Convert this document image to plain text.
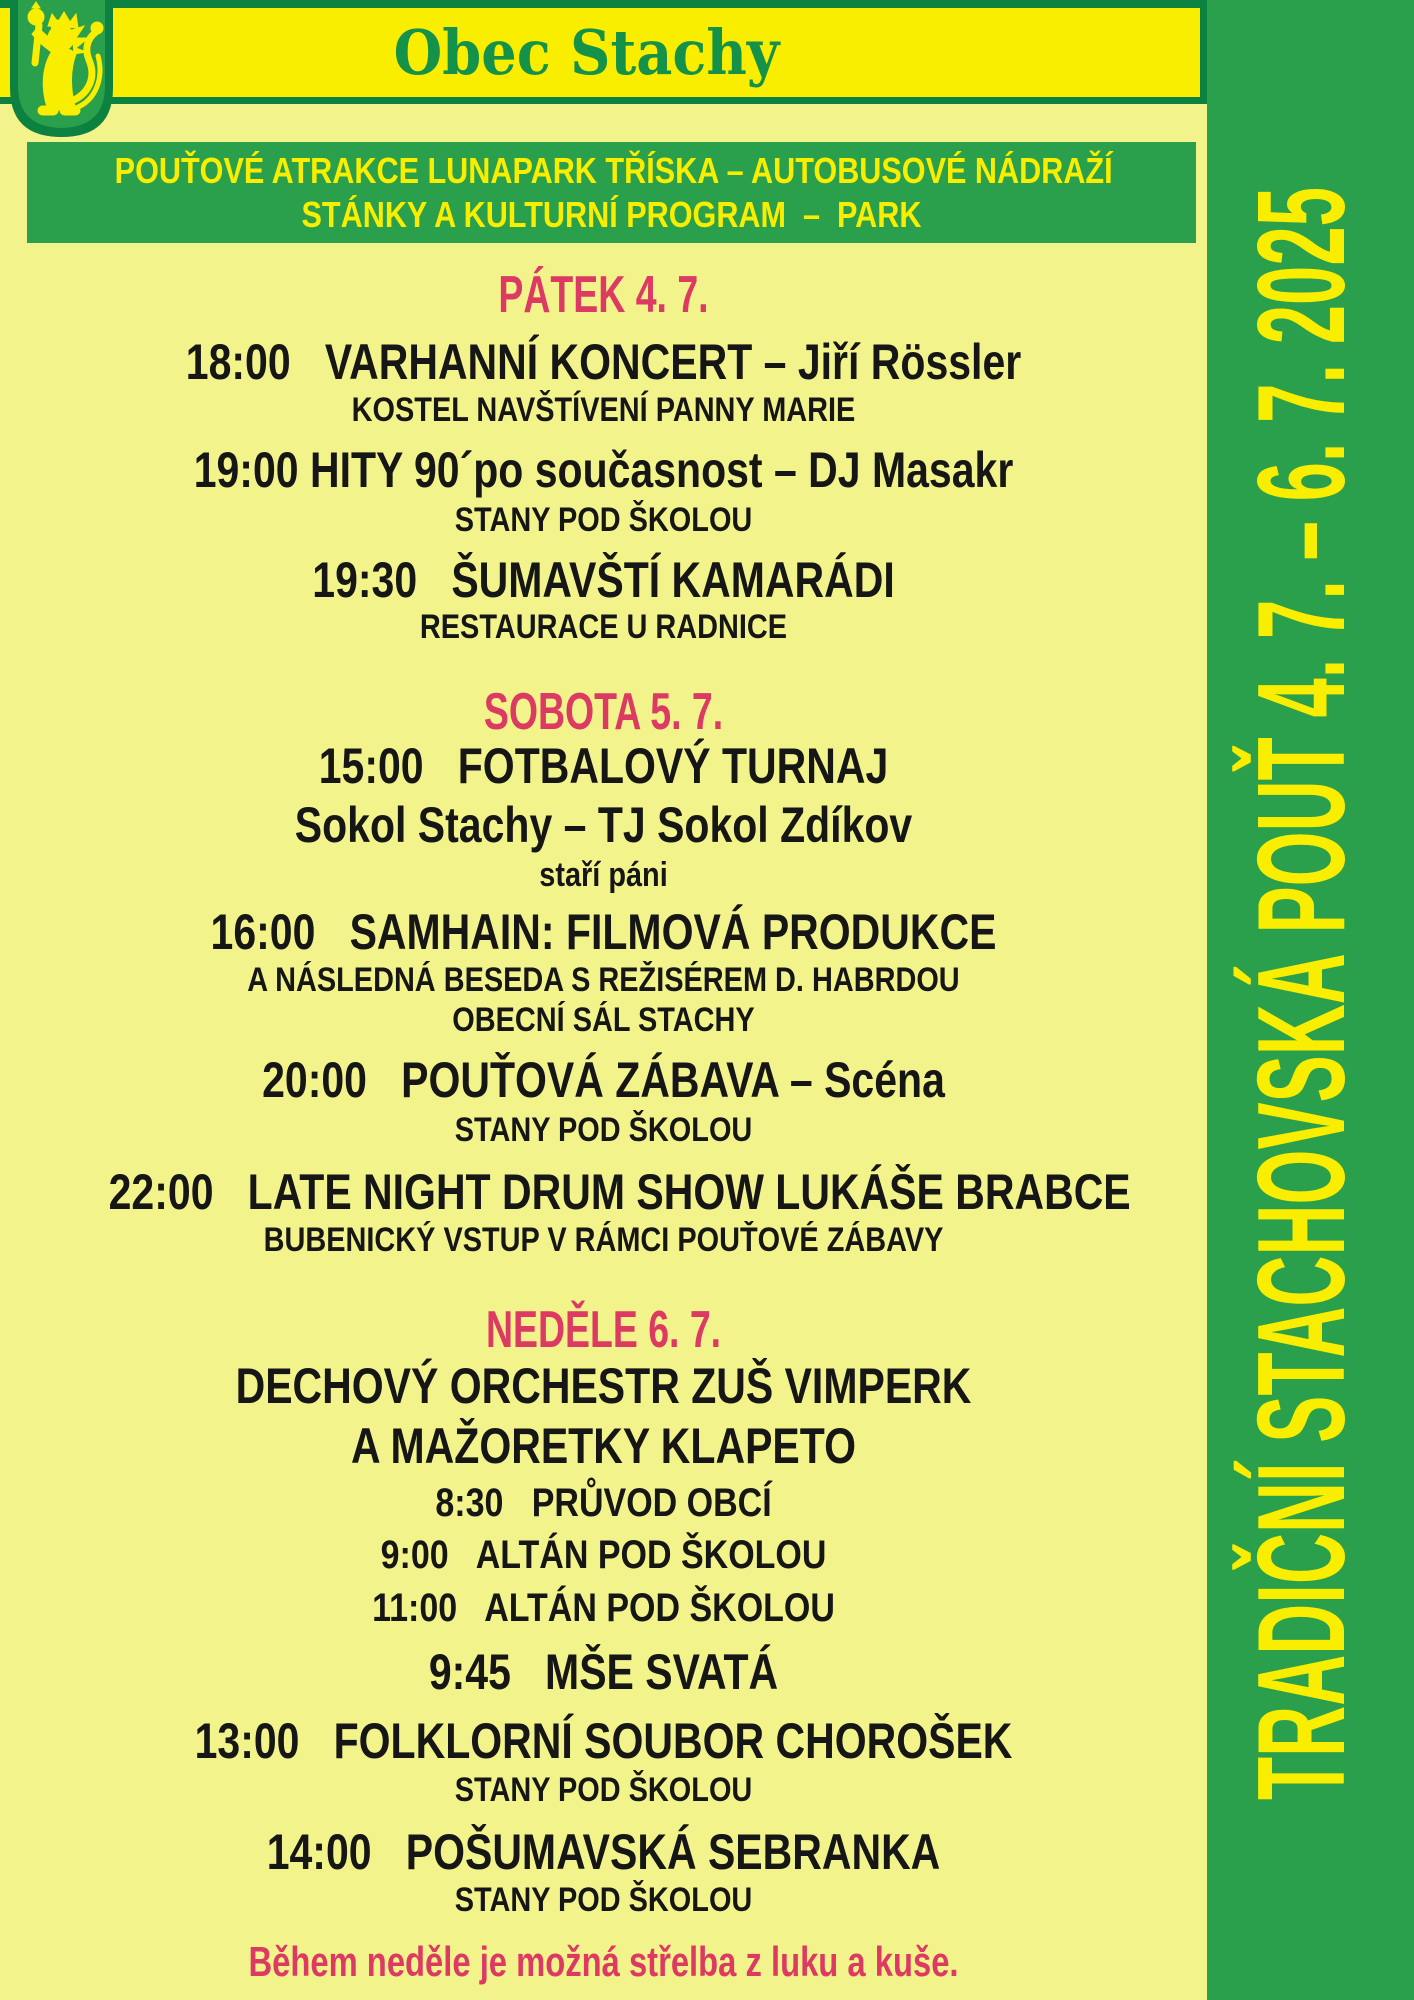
Obec Stachy
POUŤOVÉ ATRAKCE LUNAPARK TŘÍSKA – AUTOBUSOVÉ NÁDRAŽÍ
STÁNKY A KULTURNÍ PROGRAM  –  PARK
PÁTEK 4. 7.
18:00   VARHANNÍ KONCERT – Jiří Rössler
KOSTEL NAVŠTÍVENÍ PANNY MARIE
19:00 HITY 90´po současnost – DJ Masakr
STANY POD ŠKOLOU
19:30   ŠUMAVŠTÍ KAMARÁDI
RESTAURACE U RADNICE
SOBOTA 5. 7.
15:00   FOTBALOVÝ TURNAJ
Sokol Stachy – TJ Sokol Zdíkov
staří páni
16:00   SAMHAIN: FILMOVÁ PRODUKCE
A NÁSLEDNÁ BESEDA S REŽISÉREM D. HABRDOU
OBECNÍ SÁL STACHY
20:00   POUŤOVÁ ZÁBAVA – Scéna
STANY POD ŠKOLOU
22:00   LATE NIGHT DRUM SHOW LUKÁŠE BRABCE
BUBENICKÝ VSTUP V RÁMCI POUŤOVÉ ZÁBAVY
NEDĚLE 6. 7.
DECHOVÝ ORCHESTR ZUŠ VIMPERK
A MAŽORETKY KLAPETO
8:30   PRŮVOD OBCÍ
9:00   ALTÁN POD ŠKOLOU
11:00   ALTÁN POD ŠKOLOU
9:45   MŠE SVATÁ
13:00   FOLKLORNÍ SOUBOR CHOROŠEK
STANY POD ŠKOLOU
14:00   POŠUMAVSKÁ SEBRANKA
STANY POD ŠKOLOU
Během neděle je možná střelba z luku a kuše.
TRADIČNÍ STACHOVSKÁ POUŤ 4. 7. – 6. 7. 2025
